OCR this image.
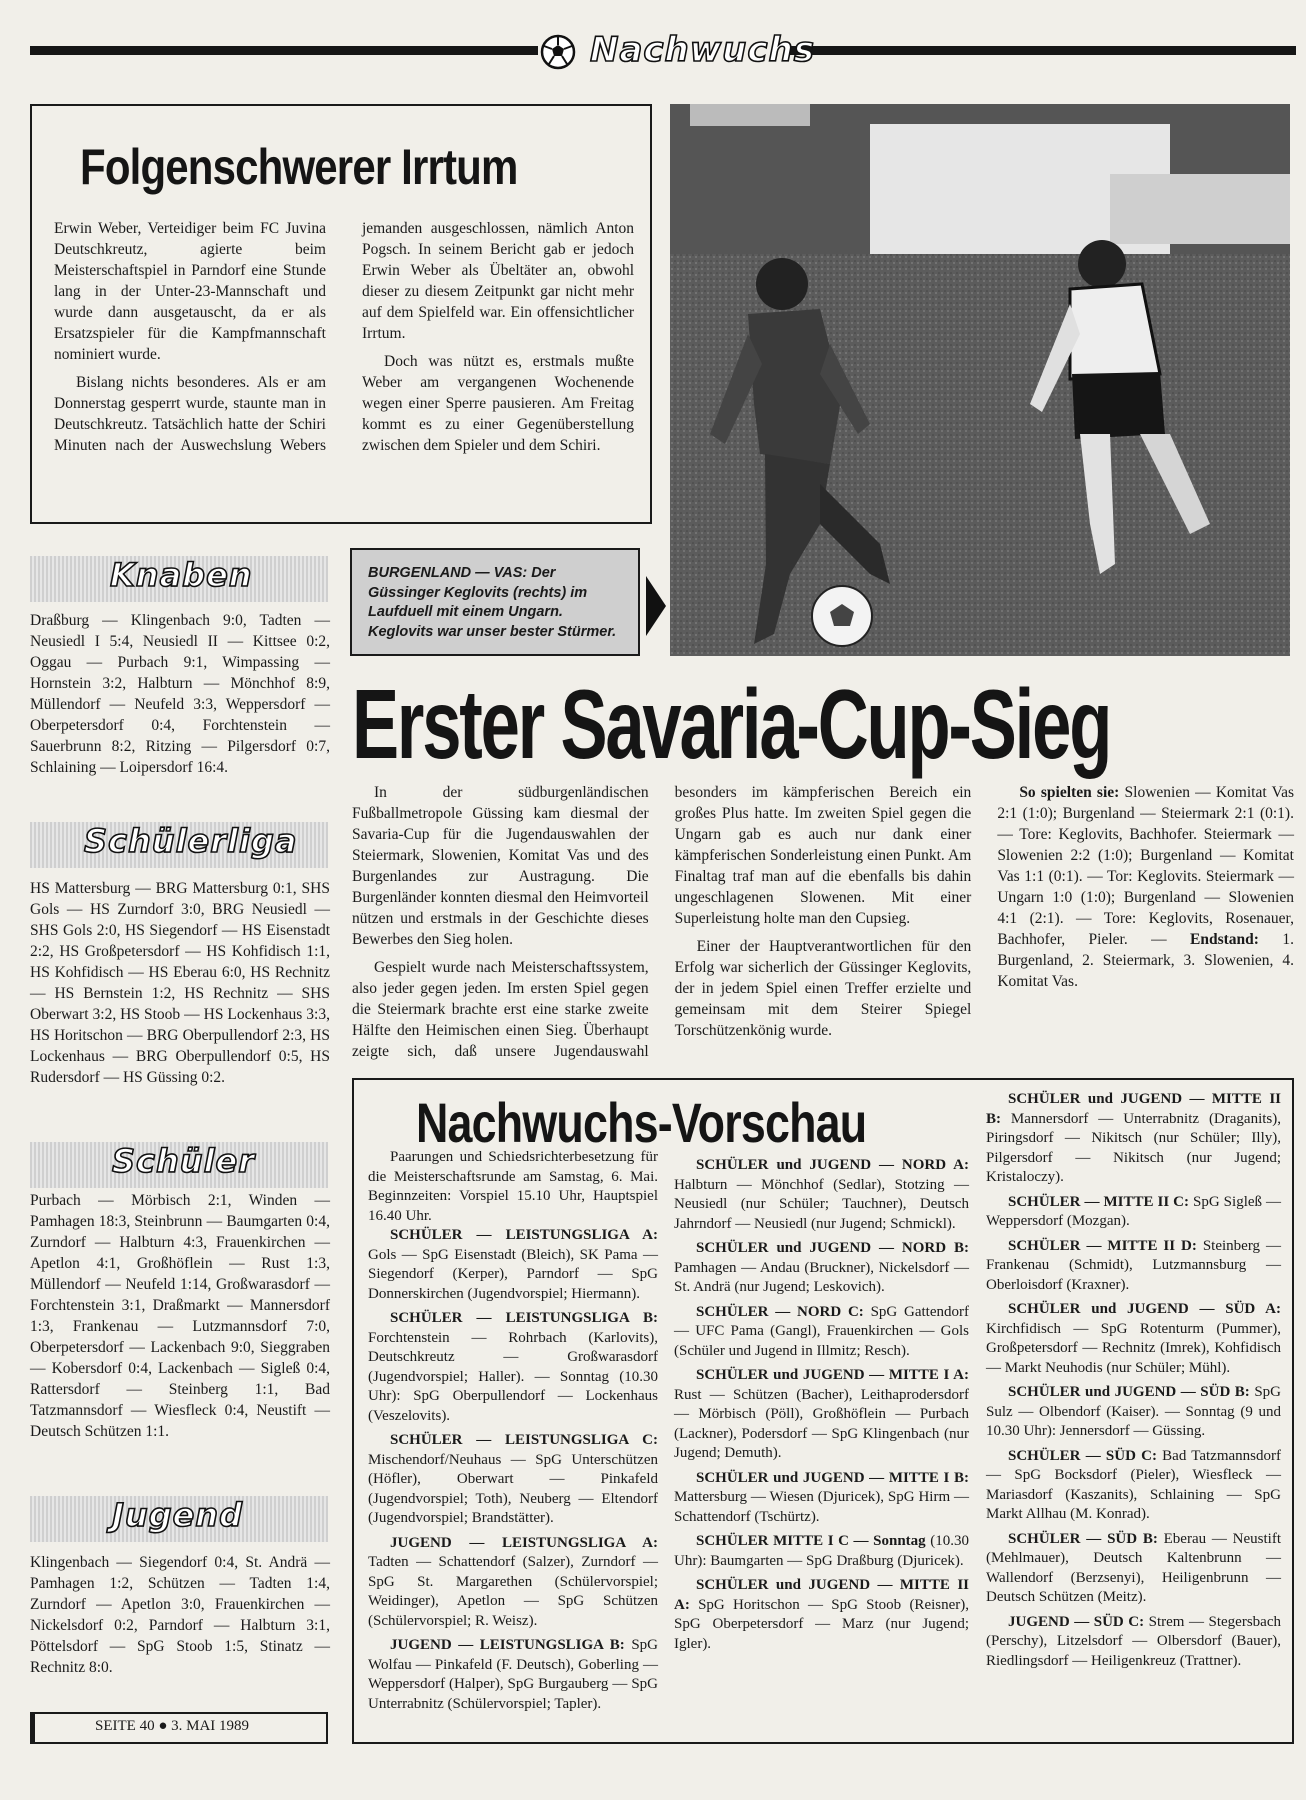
Nachwuchs
Folgenschwerer Irrtum

Erwin Weber, Verteidiger beim FC Juvina Deutschkreutz, agierte beim Meisterschaftspiel in Parndorf eine Stunde lang in der Unter-23-Mannschaft und wurde dann ausgetauscht, da er als Ersatzspieler für die Kampfmannschaft nominiert wurde.

Bislang nichts besonderes. Als er am Donnerstag gesperrt wurde, staunte man in Deutschkreutz. Tatsächlich hatte der Schiri Minuten nach der Auswechslung Webers jemanden ausgeschlossen, nämlich Anton Pogsch. In seinem Bericht gab er jedoch Erwin Weber als Übeltäter an, obwohl dieser zu diesem Zeitpunkt gar nicht mehr auf dem Spielfeld war. Ein offensichtlicher Irrtum.

Doch was nützt es, erstmals mußte Weber am vergangenen Wochenende wegen einer Sperre pausieren. Am Freitag kommt es zu einer Gegenüberstellung zwischen dem Spieler und dem Schiri.

BURGENLAND — VAS: Der Güssinger Keglovits (rechts) im Laufduell mit einem Ungarn. Keglovits war unser bester Stürmer.
Knaben
Draßburg — Klingenbach 9:0, Tadten — Neusiedl I 5:4, Neusiedl II — Kittsee 0:2, Oggau — Purbach 9:1, Wimpassing — Hornstein 3:2, Halbturn — Mönchhof 8:9, Müllendorf — Neufeld 3:3, Weppersdorf — Oberpetersdorf 0:4, Forchtenstein — Sauerbrunn 8:2, Ritzing — Pilgersdorf 0:7, Schlaining — Loipersdorf 16:4.
Schülerliga
HS Mattersburg — BRG Mattersburg 0:1, SHS Gols — HS Zurndorf 3:0, BRG Neusiedl — SHS Gols 2:0, HS Siegendorf — HS Eisenstadt 2:2, HS Großpetersdorf — HS Kohfidisch 1:1, HS Kohfidisch — HS Eberau 6:0, HS Rechnitz — HS Bernstein 1:2, HS Rechnitz — SHS Oberwart 3:2, HS Stoob — HS Lockenhaus 3:3, HS Horitschon — BRG Oberpullendorf 2:3, HS Lockenhaus — BRG Oberpullendorf 0:5, HS Rudersdorf — HS Güssing 0:2.
Schüler
Purbach — Mörbisch 2:1, Winden — Pamhagen 18:3, Steinbrunn — Baumgarten 0:4, Zurndorf — Halbturn 4:3, Frauenkirchen — Apetlon 4:1, Großhöflein — Rust 1:3, Müllendorf — Neufeld 1:14, Großwarasdorf — Forchtenstein 3:1, Draßmarkt — Mannersdorf 1:3, Frankenau — Lutzmannsdorf 7:0, Oberpetersdorf — Lackenbach 9:0, Sieggraben — Kobersdorf 0:4, Lackenbach — Sigleß 0:4, Rattersdorf — Steinberg 1:1, Bad Tatzmannsdorf — Wiesfleck 0:4, Neustift — Deutsch Schützen 1:1.
Jugend
Klingenbach — Siegendorf 0:4, St. Andrä — Pamhagen 1:2, Schützen — Tadten 1:4, Zurndorf — Apetlon 3:0, Frauenkirchen — Nickelsdorf 0:2, Parndorf — Halbturn 3:1, Pöttelsdorf — SpG Stoob 1:5, Stinatz — Rechnitz 8:0.
SEITE 40 ● 3. MAI 1989
Erster Savaria-Cup-Sieg

In der südburgenländischen Fußballmetropole Güssing kam diesmal der Savaria-Cup für die Jugendauswahlen der Steiermark, Slowenien, Komitat Vas und des Burgenlandes zur Austragung. Die Burgenländer konnten diesmal den Heimvorteil nützen und erstmals in der Geschichte dieses Bewerbes den Sieg holen.

Gespielt wurde nach Meisterschaftssystem, also jeder gegen jeden. Im ersten Spiel gegen die Steiermark brachte erst eine starke zweite Hälfte den Heimischen einen Sieg. Überhaupt zeigte sich, daß unsere Jugendauswahl besonders im kämpferischen Bereich ein großes Plus hatte. Im zweiten Spiel gegen die Ungarn gab es auch nur dank einer kämpferischen Sonderleistung einen Punkt. Am Finaltag traf man auf die ebenfalls bis dahin ungeschlagenen Slowenen. Mit einer Superleistung holte man den Cupsieg.

Einer der Hauptverantwortlichen für den Erfolg war sicherlich der Güssinger Keglovits, der in jedem Spiel einen Treffer erzielte und gemeinsam mit dem Steirer Spiegel Torschützenkönig wurde.

So spielten sie: Slowenien — Komitat Vas 2:1 (1:0); Burgenland — Steiermark 2:1 (0:1). — Tore: Keglovits, Bachhofer. Steiermark — Slowenien 2:2 (1:0); Burgenland — Komitat Vas 1:1 (0:1). — Tor: Keglovits. Steiermark — Ungarn 1:0 (1:0); Burgenland — Slowenien 4:1 (2:1). — Tore: Keglovits, Rosenauer, Bachhofer, Pieler. — Endstand: 1. Burgenland, 2. Steiermark, 3. Slowenien, 4. Komitat Vas.

Nachwuchs-Vorschau
Paarungen und Schiedsrichterbesetzung für die Meisterschaftsrunde am Samstag, 6. Mai. Beginnzeiten: Vorspiel 15.10 Uhr, Hauptspiel 16.40 Uhr.
SCHÜLER — LEISTUNGSLIGA A: Gols — SpG Eisenstadt (Bleich), SK Pama — Siegendorf (Kerper), Parndorf — SpG Donnerskirchen (Jugendvorspiel; Hiermann).
SCHÜLER — LEISTUNGSLIGA B: Forchtenstein — Rohrbach (Karlovits), Deutschkreutz — Großwarasdorf (Jugendvorspiel; Haller). — Sonntag (10.30 Uhr): SpG Oberpullendorf — Lockenhaus (Veszelovits).
SCHÜLER — LEISTUNGSLIGA C: Mischendorf/Neuhaus — SpG Unterschützen (Höfler), Oberwart — Pinkafeld (Jugendvorspiel; Toth), Neuberg — Eltendorf (Jugendvorspiel; Brandstätter).
JUGEND — LEISTUNGSLIGA A: Tadten — Schattendorf (Salzer), Zurndorf — SpG St. Margarethen (Schülervorspiel; Weidinger), Apetlon — SpG Schützen (Schülervorspiel; R. Weisz).
JUGEND — LEISTUNGSLIGA B: SpG Wolfau — Pinkafeld (F. Deutsch), Goberling — Weppersdorf (Halper), SpG Burgauberg — SpG Unterrabnitz (Schülervorspiel; Tapler).
SCHÜLER und JUGEND — NORD A: Halbturn — Mönchhof (Sedlar), Stotzing — Neusiedl (nur Schüler; Tauchner), Deutsch Jahrndorf — Neusiedl (nur Jugend; Schmickl).
SCHÜLER und JUGEND — NORD B: Pamhagen — Andau (Bruckner), Nickelsdorf — St. Andrä (nur Jugend; Leskovich).
SCHÜLER — NORD C: SpG Gattendorf — UFC Pama (Gangl), Frauenkirchen — Gols (Schüler und Jugend in Illmitz; Resch).
SCHÜLER und JUGEND — MITTE I A: Rust — Schützen (Bacher), Leithaprodersdorf — Mörbisch (Pöll), Großhöflein — Purbach (Lackner), Podersdorf — SpG Klingenbach (nur Jugend; Demuth).
SCHÜLER und JUGEND — MITTE I B: Mattersburg — Wiesen (Djuricek), SpG Hirm — Schattendorf (Tschürtz).
SCHÜLER MITTE I C — Sonntag (10.30 Uhr): Baumgarten — SpG Draßburg (Djuricek).
SCHÜLER und JUGEND — MITTE II A: SpG Horitschon — SpG Stoob (Reisner), SpG Oberpetersdorf — Marz (nur Jugend; Igler).
SCHÜLER und JUGEND — MITTE II B: Mannersdorf — Unterrabnitz (Draganits), Piringsdorf — Nikitsch (nur Schüler; Illy), Pilgersdorf — Nikitsch (nur Jugend; Kristaloczy).
SCHÜLER — MITTE II C: SpG Sigleß — Weppersdorf (Mozgan).
SCHÜLER — MITTE II D: Steinberg — Frankenau (Schmidt), Lutzmannsburg — Oberloisdorf (Kraxner).
SCHÜLER und JUGEND — SÜD A: Kirchfidisch — SpG Rotenturm (Pummer), Großpetersdorf — Rechnitz (Imrek), Kohfidisch — Markt Neuhodis (nur Schüler; Mühl).
SCHÜLER und JUGEND — SÜD B: SpG Sulz — Olbendorf (Kaiser). — Sonntag (9 und 10.30 Uhr): Jennersdorf — Güssing.
SCHÜLER — SÜD C: Bad Tatzmannsdorf — SpG Bocksdorf (Pieler), Wiesfleck — Mariasdorf (Kaszanits), Schlaining — SpG Markt Allhau (M. Konrad).
SCHÜLER — SÜD B: Eberau — Neustift (Mehlmauer), Deutsch Kaltenbrunn — Wallendorf (Berzsenyi), Heiligenbrunn — Deutsch Schützen (Meitz).
JUGEND — SÜD C: Strem — Stegersbach (Perschy), Litzelsdorf — Olbersdorf (Bauer), Riedlingsdorf — Heiligenkreuz (Trattner).
